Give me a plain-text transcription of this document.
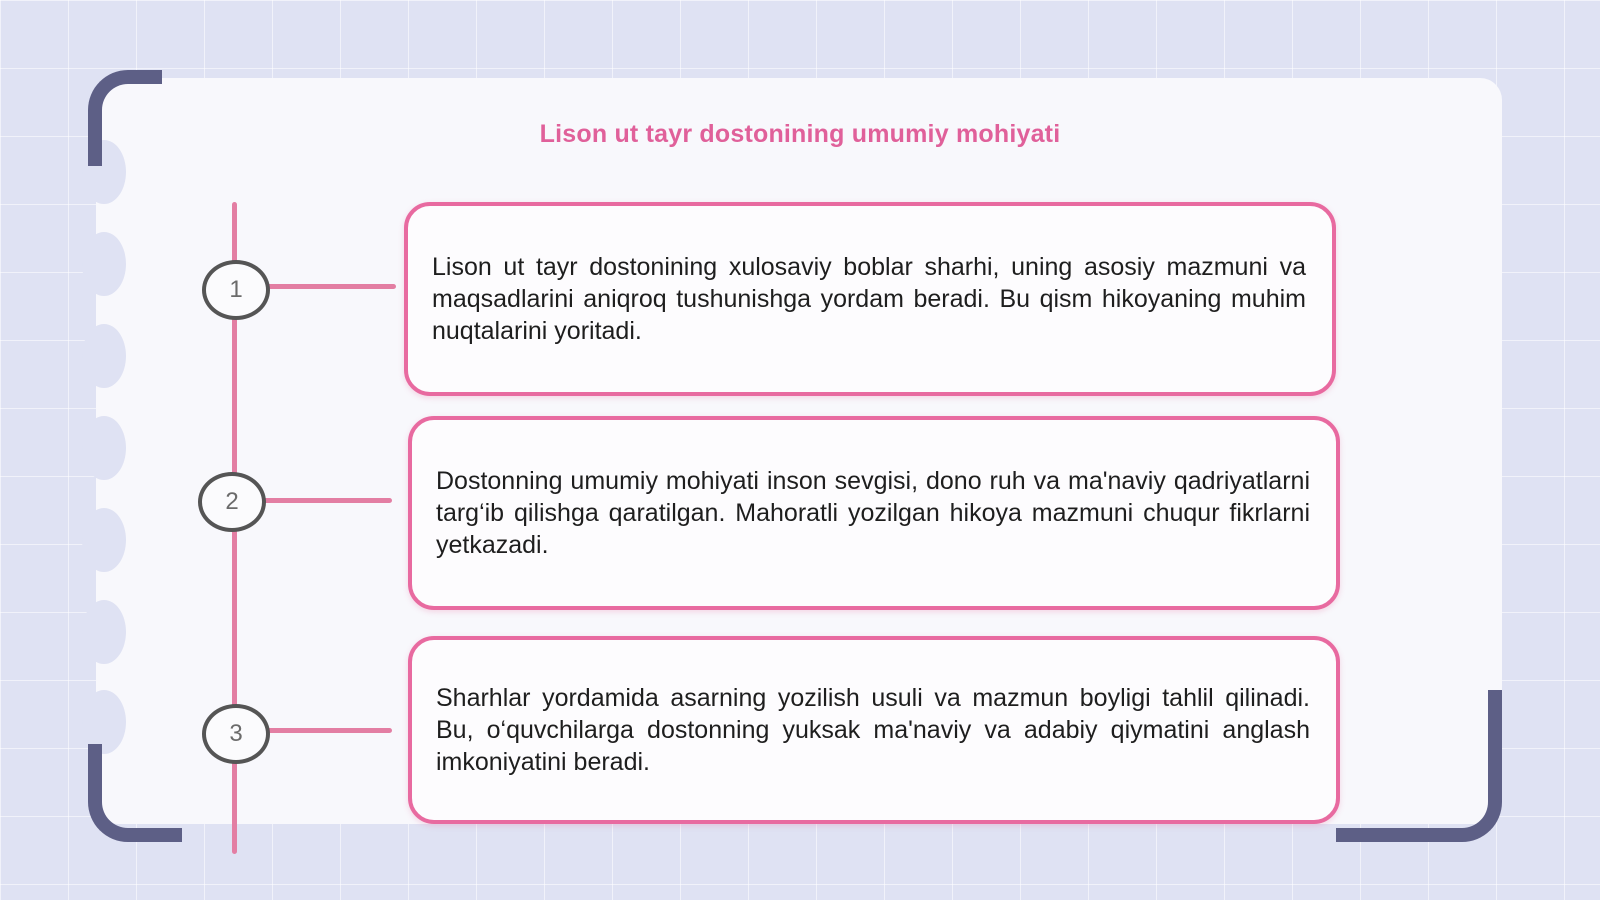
Lison ut tayr dostonining umumiy mohiyati
1

Lison ut tayr dostonining xulosaviy boblar sharhi, uning asosiy mazmuni va maqsadlarini aniqroq tushunishga yordam beradi. Bu qism hikoyaning muhim nuqtalarini yoritadi.

2

Dostonning umumiy mohiyati inson sevgisi, dono ruh va ma'naviy qadriyatlarni targ‘ib qilishga qaratilgan. Mahoratli yozilgan hikoya mazmuni chuqur fikrlarni yetkazadi.

3

Sharhlar yordamida asarning yozilish usuli va mazmun boyligi tahlil qilinadi. Bu, o‘quvchilarga dostonning yuksak ma'naviy va adabiy qiymatini anglash imkoniyatini beradi.
